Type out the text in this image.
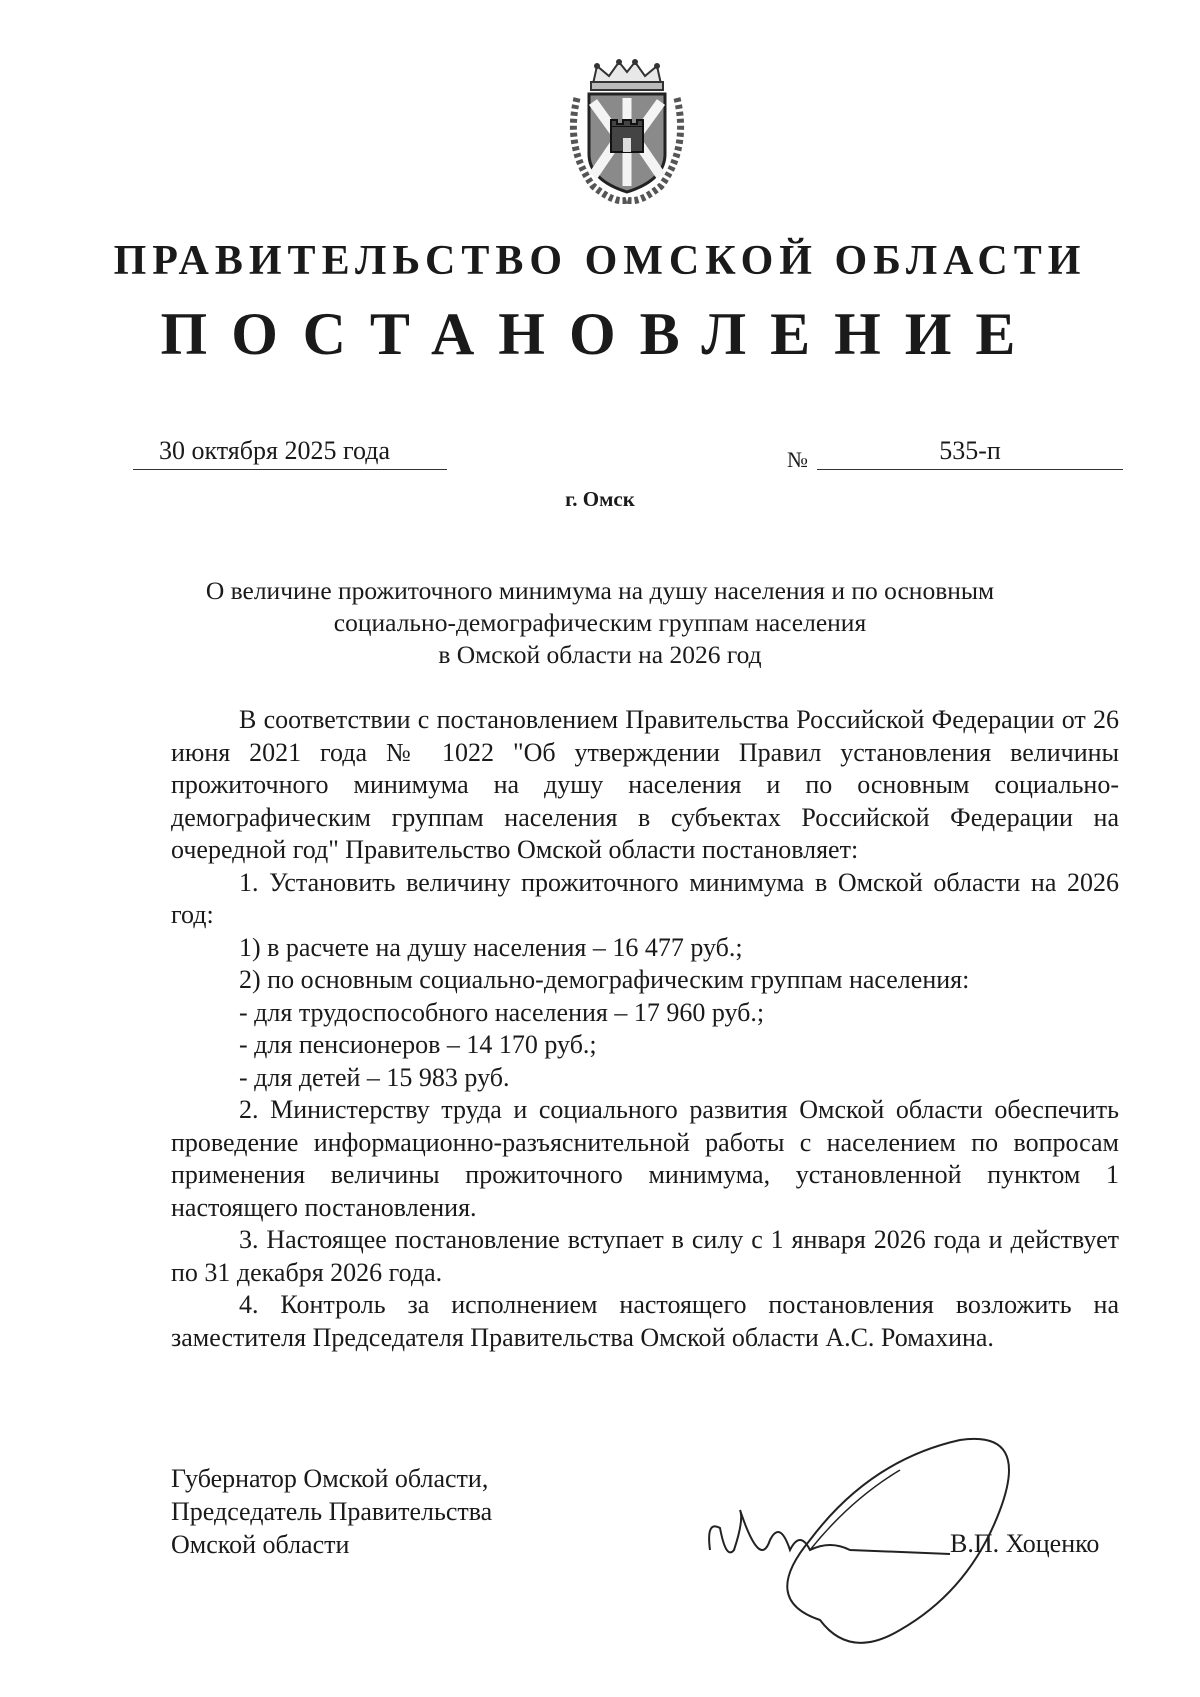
ПРАВИТЕЛЬСТВО ОМСКОЙ ОБЛАСТИ
ПОСТАНОВЛЕНИЕ
30 октября 2025 года	№	535-п
г. Омск
О величине прожиточного минимума на душу населения и по основным
социально-демографическим группам населения
в Омской области на 2026 год

В соответствии с постановлением Правительства Российской Федерации от 26 июня 2021 года № 1022 "Об утверждении Правил установления величины прожиточного минимума на душу населения и по основным социально-демографическим группам населения в субъектах Российской Федерации на очередной год" Правительство Омской области постановляет:

1. Установить величину прожиточного минимума в Омской области на 2026 год:

1) в расчете на душу населения – 16 477 руб.;

2) по основным социально-демографическим группам населения:

- для трудоспособного населения – 17 960 руб.;

- для пенсионеров – 14 170 руб.;

- для детей – 15 983 руб.

2. Министерству труда и социального развития Омской области обеспечить проведение информационно-разъяснительной работы с населением по вопросам применения величины прожиточного минимума, установленной пунктом 1 настоящего постановления.

3. Настоящее постановление вступает в силу с 1 января 2026 года и действует по 31 декабря 2026 года.

4. Контроль за исполнением настоящего постановления возложить на заместителя Председателя Правительства Омской области А.С. Ромахина.

Губернатор Омской области,
Председатель Правительства
Омской области	В.П. Хоценко
